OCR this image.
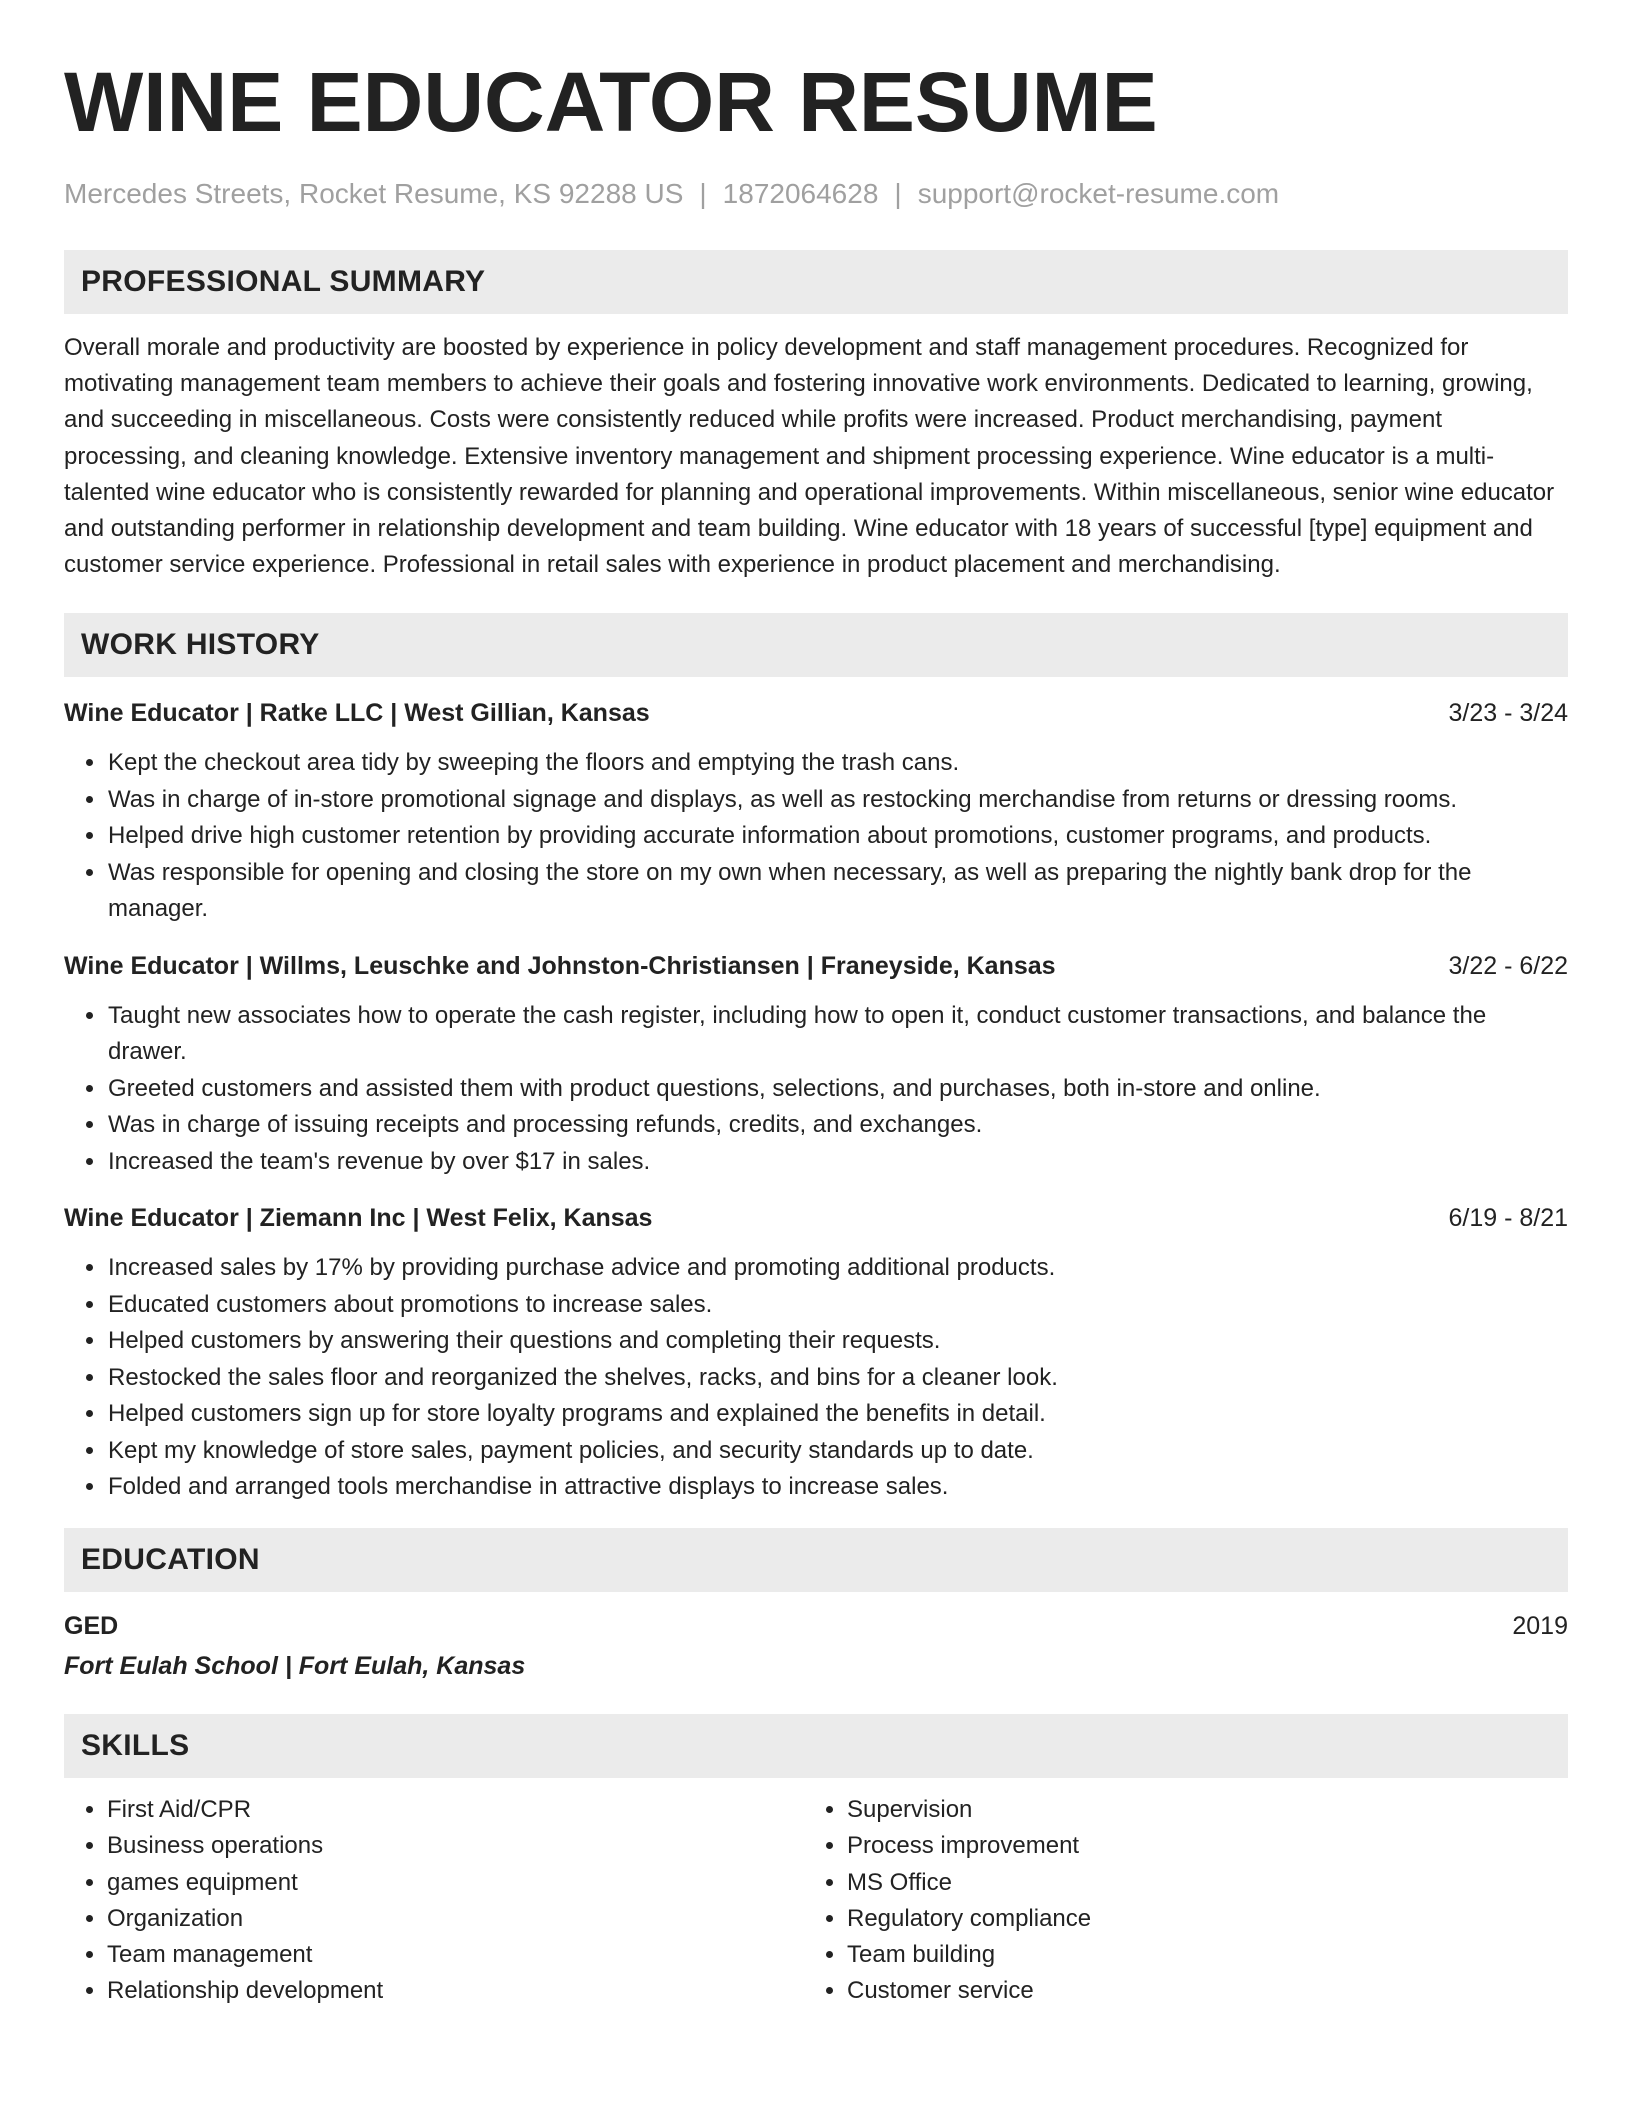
WINE EDUCATOR RESUME
Mercedes Streets, Rocket Resume, KS 92288 US | 1872064628 | support@rocket-resume.com
PROFESSIONAL SUMMARY
Overall morale and productivity are boosted by experience in policy development and staff management procedures. Recognized for motivating management team members to achieve their goals and fostering innovative work environments. Dedicated to learning, growing, and succeeding in miscellaneous. Costs were consistently reduced while profits were increased. Product merchandising, payment processing, and cleaning knowledge. Extensive inventory management and shipment processing experience. Wine educator is a multi-talented wine educator who is consistently rewarded for planning and operational improvements. Within miscellaneous, senior wine educator and outstanding performer in relationship development and team building. Wine educator with 18 years of successful [type] equipment and customer service experience. Professional in retail sales with experience in product placement and merchandising.
WORK HISTORY
Wine Educator | Ratke LLC | West Gillian, Kansas	3/23 - 3/24
• Kept the checkout area tidy by sweeping the floors and emptying the trash cans.
• Was in charge of in-store promotional signage and displays, as well as restocking merchandise from returns or dressing rooms.
• Helped drive high customer retention by providing accurate information about promotions, customer programs, and products.
• Was responsible for opening and closing the store on my own when necessary, as well as preparing the nightly bank drop for the manager.
Wine Educator | Willms, Leuschke and Johnston-Christiansen | Franeyside, Kansas	3/22 - 6/22
• Taught new associates how to operate the cash register, including how to open it, conduct customer transactions, and balance the drawer.
• Greeted customers and assisted them with product questions, selections, and purchases, both in-store and online.
• Was in charge of issuing receipts and processing refunds, credits, and exchanges.
• Increased the team's revenue by over $17 in sales.
Wine Educator | Ziemann Inc | West Felix, Kansas	6/19 - 8/21
• Increased sales by 17% by providing purchase advice and promoting additional products.
• Educated customers about promotions to increase sales.
• Helped customers by answering their questions and completing their requests.
• Restocked the sales floor and reorganized the shelves, racks, and bins for a cleaner look.
• Helped customers sign up for store loyalty programs and explained the benefits in detail.
• Kept my knowledge of store sales, payment policies, and security standards up to date.
• Folded and arranged tools merchandise in attractive displays to increase sales.
EDUCATION
GED	2019
Fort Eulah School | Fort Eulah, Kansas
SKILLS
• First Aid/CPR
• Business operations
• games equipment
• Organization
• Team management
• Relationship development
• Supervision
• Process improvement
• MS Office
• Regulatory compliance
• Team building
• Customer service
